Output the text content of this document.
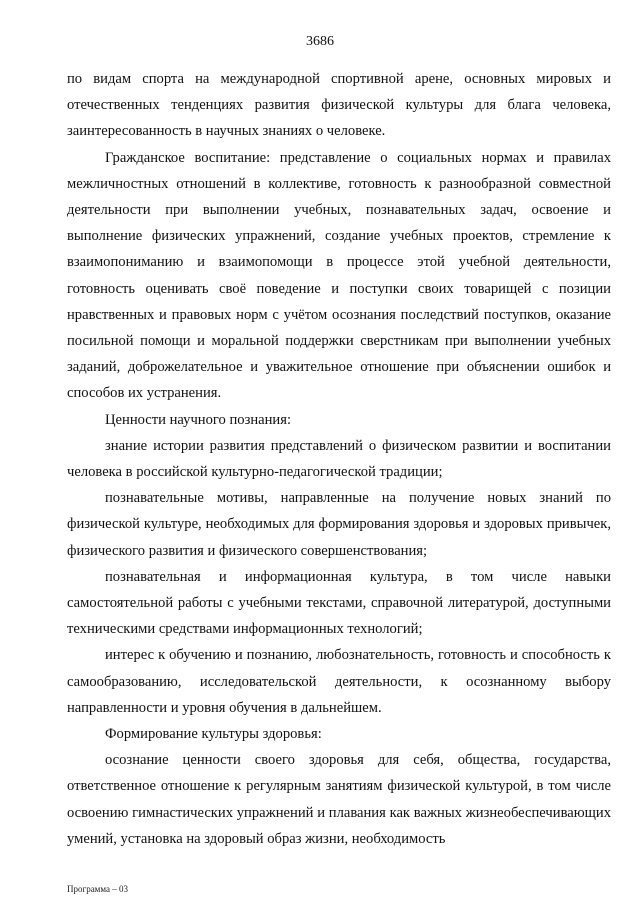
3686

по видам спорта на международной спортивной арене, основных мировых и отечественных тенденциях развития физической культуры для блага человека, заинтересованность в научных знаниях о человеке.

Гражданское воспитание: представление о социальных нормах и правилах межличностных отношений в коллективе, готовность к разнообразной совместной деятельности при выполнении учебных, познавательных задач, освоение и выполнение физических упражнений, создание учебных проектов, стремление к взаимопониманию и взаимопомощи в процессе этой учебной деятельности, готовность оценивать своё поведение и поступки своих товарищей с позиции нравственных и правовых норм с учётом осознания последствий поступков, оказание посильной помощи и моральной поддержки сверстникам при выполнении учебных заданий, доброжелательное и уважительное отношение при объяснении ошибок и способов их устранения.

Ценности научного познания:

знание истории развития представлений о физическом развитии и воспитании человека в российской культурно-педагогической традиции;

познавательные мотивы, направленные на получение новых знаний по физической культуре, необходимых для формирования здоровья и здоровых привычек, физического развития и физического совершенствования;

познавательная и информационная культура, в том числе навыки самостоятельной работы с учебными текстами, справочной литературой, доступными техническими средствами информационных технологий;

интерес к обучению и познанию, любознательность, готовность и способность к самообразованию, исследовательской деятельности, к осознанному выбору направленности и уровня обучения в дальнейшем.

Формирование культуры здоровья:

осознание ценности своего здоровья для себя, общества, государства, ответственное отношение к регулярным занятиям физической культурой, в том числе освоению гимнастических упражнений и плавания как важных жизнеобеспечивающих умений, установка на здоровый образ жизни, необходимость

Программа – 03
